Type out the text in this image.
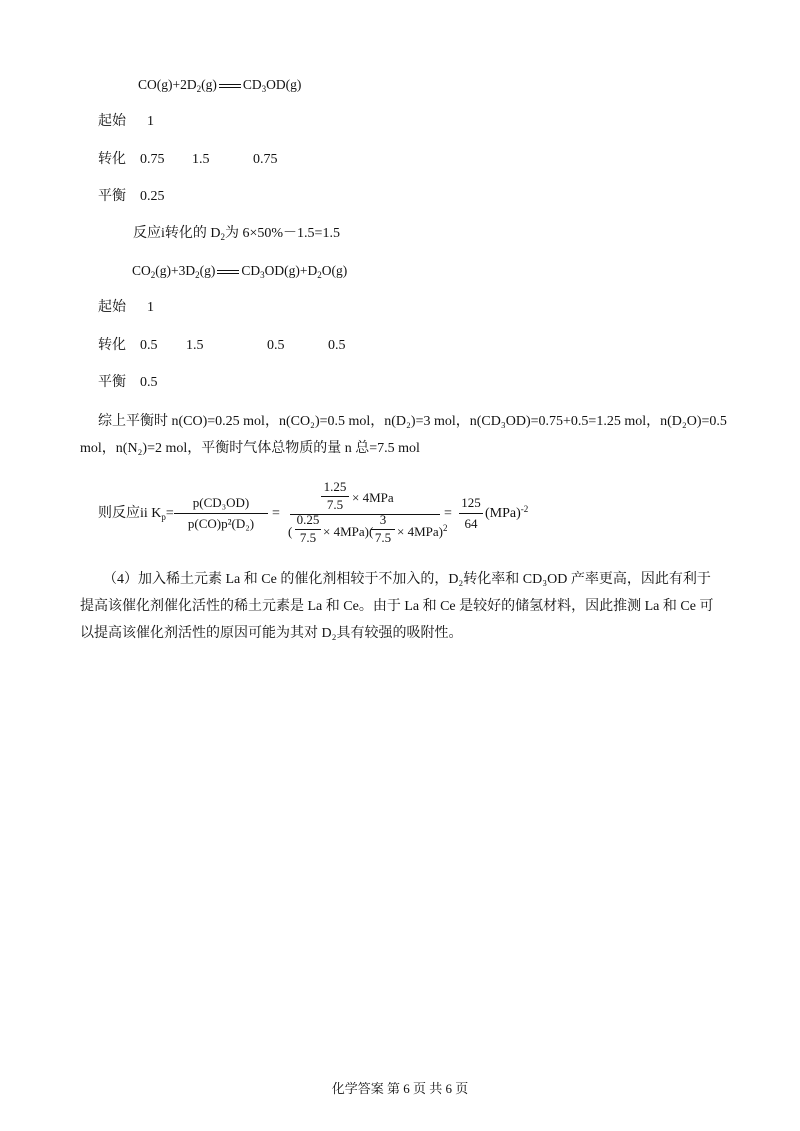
$CO(g)+2D_2(g)$ $CD_3OD(g)$
起始 1
转化 0.75 1.5	0.75
平衡 0.25
反应i转化的 $D_2$为 6×50%－1.5=1.5
$CO_2(g)+3D_2(g)$ $CD_3OD(g)+D_2O(g)$
起始 1
转化 0.5 1.5	0.5	0.5
平衡 0.5
综上平衡时 n(CO)=0.25 mol，n(CO₂)=0.5 mol，n(D₂)=3 mol，n(CD₃OD)=0.75+0.5=1.25 mol，n(D₂O)=0.5
mol，n(N₂)=2 mol，平衡时气体总物质的量 n 总=7.5 mol
则反应ii $K_p=$
p(CD₃OD)
p(CO)p²(D₂)
=
1.25
7.5 × 4MPa
(
0.25
7.5 × 4MPa)(
3
7.5 × 4MPa)$^2$
=
125
64
(MPa)$^{-2}$
（4）加入稀土元素 La 和 Ce 的催化剂相较于不加入的，D₂转化率和 CD₃OD 产率更高，因此有利于提高该催化剂催化活性的稀土元素是 La 和 Ce。由于 La 和 Ce 是较好的储氢材料，因此推测 La 和 Ce 可以提高该催化剂活性的原因可能为其对 D₂具有较强的吸附性。
化学答案 第 6 页 共 6 页
